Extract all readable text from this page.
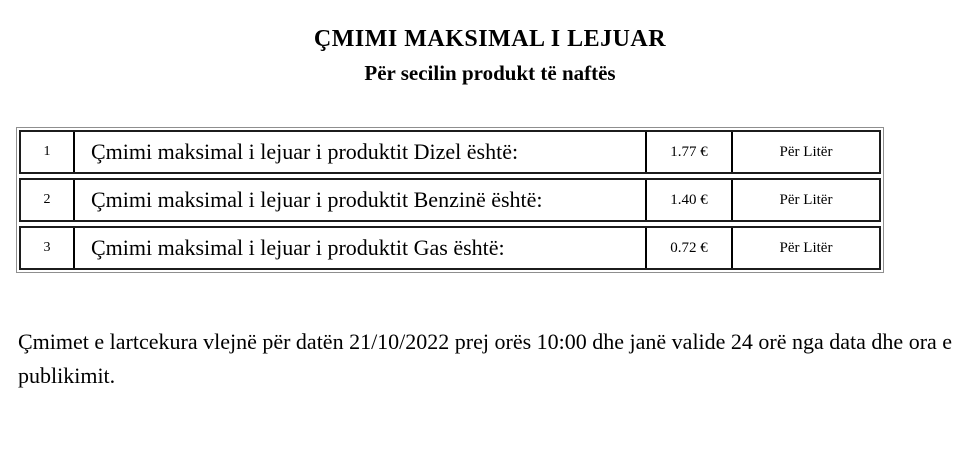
ÇMIMI MAKSIMAL I LEJUAR
Për secilin produkt të naftës
1	Çmimi maksimal i lejuar i produktit Dizel është:	1.77 €	Për Litër
2	Çmimi maksimal i lejuar i produktit Benzinë është:	1.40 €	Për Litër
3	Çmimi maksimal i lejuar i produktit Gas është:	0.72 €	Për Litër
Çmimet e lartcekura vlejnë për datën 21/10/2022 prej orës 10:00 dhe janë valide 24 orë nga data dhe ora e publikimit.
